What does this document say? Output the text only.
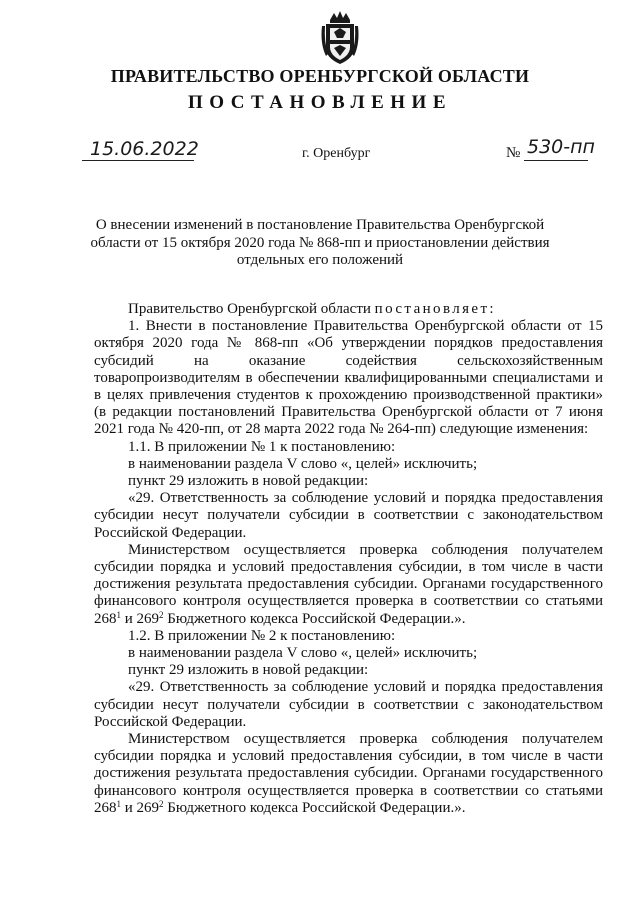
ПРАВИТЕЛЬСТВО ОРЕНБУРГСКОЙ ОБЛАСТИ
ПОСТАНОВЛЕНИЕ
15.06.2022	г. Оренбург	№ 530-пп
О внесении изменений в постановление Правительства Оренбургской области от 15 октября 2020 года № 868-пп и приостановлении действия отдельных его положений

Правительство Оренбургской области постановляет:

1. Внести в постановление Правительства Оренбургской области от 15 октября 2020 года № 868-пп «Об утверждении порядков предоставления субсидий на оказание содействия сельскохозяйственным товаропроизводителям в обеспечении квалифицированными специалистами и в целях привлечения студентов к прохождению производственной практики» (в редакции постановлений Правительства Оренбургской области от 7 июня 2021 года № 420-пп, от 28 марта 2022 года № 264-пп) следующие изменения:

1.1. В приложении № 1 к постановлению:

в наименовании раздела V слово «, целей» исключить;

пункт 29 изложить в новой редакции:

«29. Ответственность за соблюдение условий и порядка предоставления субсидии несут получатели субсидии в соответствии с законодательством Российской Федерации.

Министерством осуществляется проверка соблюдения получателем субсидии порядка и условий предоставления субсидии, в том числе в части достижения результата предоставления субсидии. Органами государственного финансового контроля осуществляется проверка в соответствии со статьями $268^1$ и $269^2$ Бюджетного кодекса Российской Федерации.».

1.2. В приложении № 2 к постановлению:

в наименовании раздела V слово «, целей» исключить;

пункт 29 изложить в новой редакции:

«29. Ответственность за соблюдение условий и порядка предоставления субсидии несут получатели субсидии в соответствии с законодательством Российской Федерации.

Министерством осуществляется проверка соблюдения получателем субсидии порядка и условий предоставления субсидии, в том числе в части достижения результата предоставления субсидии. Органами государственного финансового контроля осуществляется проверка в соответствии со статьями $268^1$ и $269^2$ Бюджетного кодекса Российской Федерации.».
